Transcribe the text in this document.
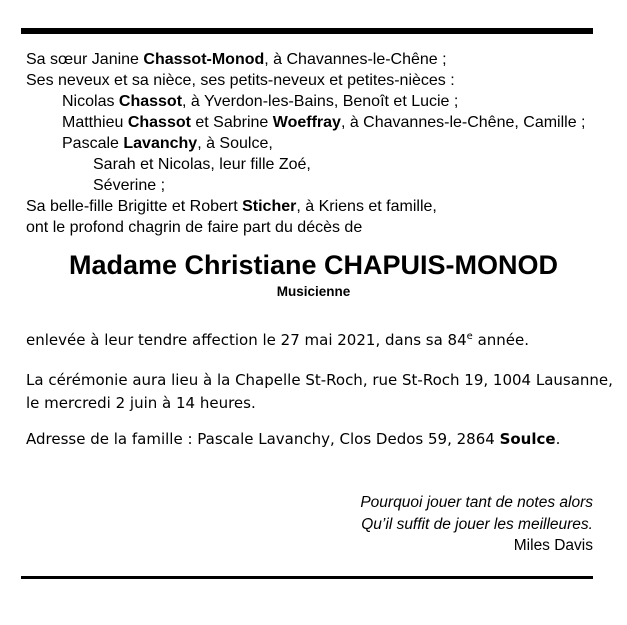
Sa sœur Janine Chassot-Monod, à Chavannes-le-Chêne ;
Ses neveux et sa nièce, ses petits-neveux et petites-nièces :
Nicolas Chassot, à Yverdon-les-Bains, Benoît et Lucie ;
Matthieu Chassot et Sabrine Woeffray, à Chavannes-le-Chêne, Camille ;
Pascale Lavanchy, à Soulce,
Sarah et Nicolas, leur fille Zoé,
Séverine ;
Sa belle-fille Brigitte et Robert Sticher, à Kriens et famille,
ont le profond chagrin de faire part du décès de
Madame Christiane CHAPUIS-MONOD
Musicienne
enlevée à leur tendre affection le 27 mai 2021, dans sa 84e année.
La cérémonie aura lieu à la Chapelle St-Roch, rue St-Roch 19, 1004 Lausanne,
le mercredi 2 juin à 14 heures.
Adresse de la famille : Pascale Lavanchy, Clos Dedos 59, 2864 Soulce.
Pourquoi jouer tant de notes alors
Qu’il suffit de jouer les meilleures.
Miles Davis
